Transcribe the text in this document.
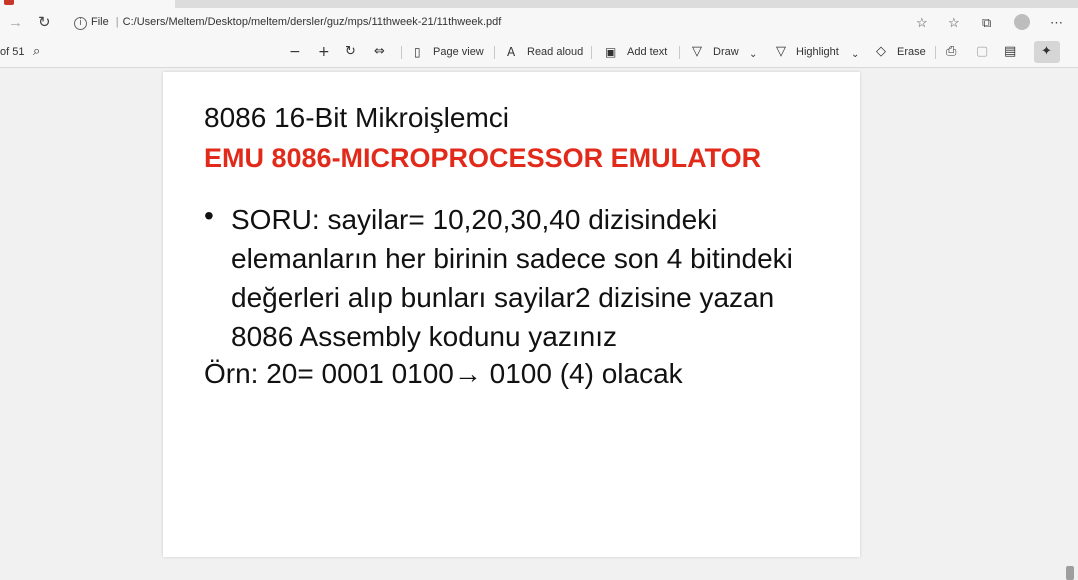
→ ↻	i File | C:/Users/Meltem/Desktop/meltem/dersler/guz/mps/11thweek-21/11thweek.pdf	☆ ☆ ⧉	⋯
of 51 ⌕	− + ↻ ⇔ ▯ Page view A Read aloud ▣ Add text ▽ Draw ⌄ ▽ Highlight ⌄ ◇ Erase ⎙ ▢ ▤ ✦
8086 16-Bit Mikroişlemci
EMU 8086-MICROPROCESSOR EMULATOR
• SORU: sayilar= 10,20,30,40 dizisindeki
elemanların her birinin sadece son 4 bitindeki
değerleri alıp bunları sayilar2 dizisine yazan
8086 Assembly kodunu yazınız
Örn: 20= 0001 0100→ 0100 (4) olacak
